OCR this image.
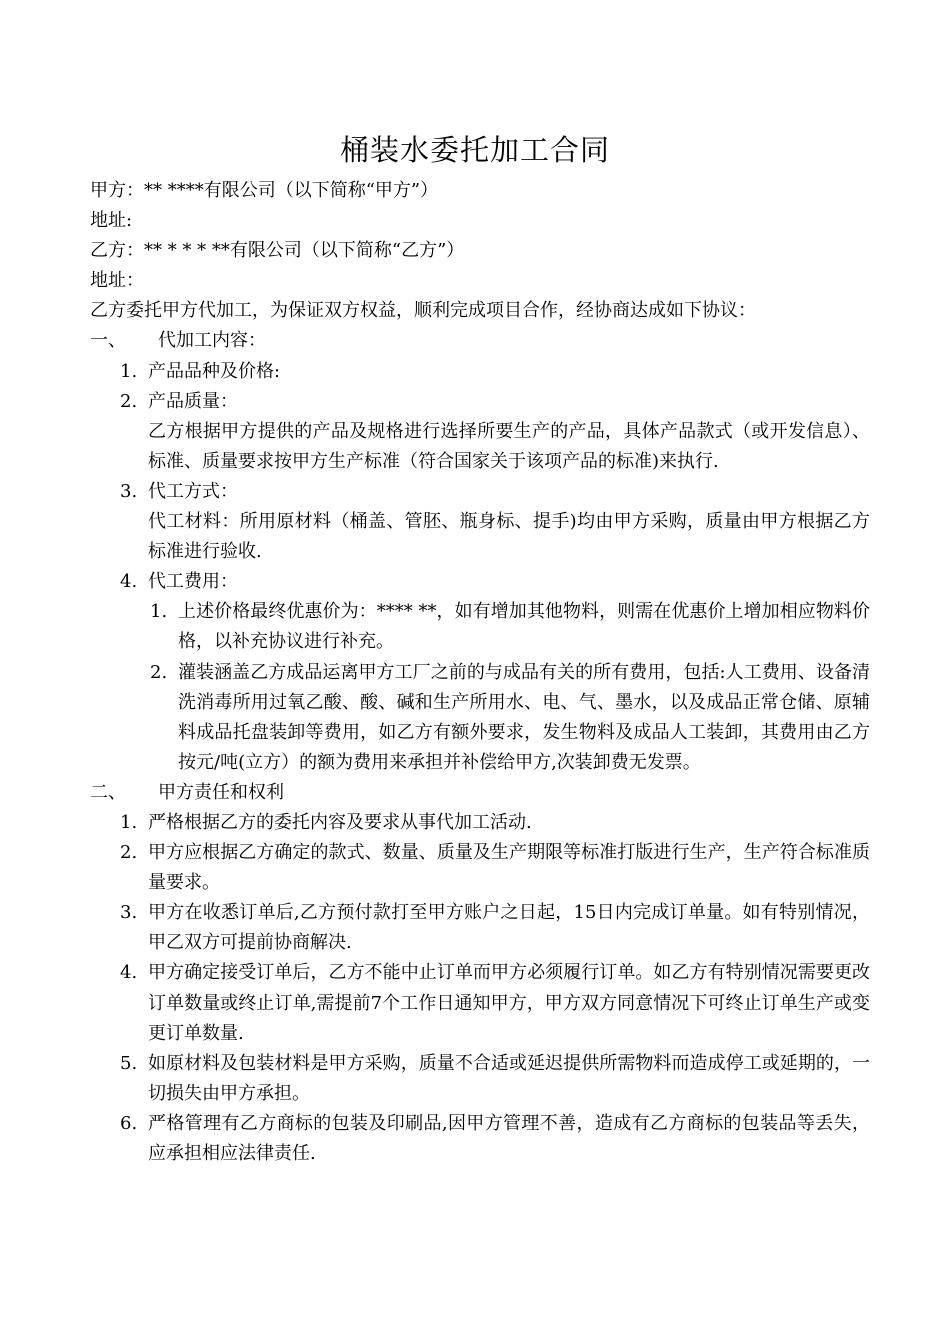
桶装水委托加工合同

甲方：** ****有限公司（以下简称“甲方”）

地址:

乙方：** * * * **有限公司（以下简称“乙方”）

地址：

乙方委托甲方代加工，为保证双方权益，顺利完成项目合作，经协商达成如下协议：

一、	代加工内容：
1. 产品品种及价格:
2. 产品质量：

乙方根据甲方提供的产品及规格进行选择所要生产的产品，具体产品款式（或开发信息）、标准、质量要求按甲方生产标准（符合国家关于该项产品的标准)来执行.

3. 代工方式：

代工材料：所用原材料（桶盖、管胚、瓶身标、提手)均由甲方采购，质量由甲方根据乙方标准进行验收.

4. 代工费用：
1. 上述价格最终优惠价为：**** **，如有增加其他物料，则需在优惠价上增加相应物料价格，以补充协议进行补充。
2. 灌装涵盖乙方成品运离甲方工厂之前的与成品有关的所有费用，包括:人工费用、设备清洗消毒所用过氧乙酸、酸、碱和生产所用水、电、气、墨水，以及成品正常仓储、原辅料成品托盘装卸等费用，如乙方有额外要求，发生物料及成品人工装卸，其费用由乙方按元/吨(立方）的额为费用来承担并补偿给甲方,次装卸费无发票。
二、	甲方责任和权利
1. 严格根据乙方的委托内容及要求从事代加工活动.
2. 甲方应根据乙方确定的款式、数量、质量及生产期限等标准打版进行生产，生产符合标准质量要求。
3. 甲方在收悉订单后,乙方预付款打至甲方账户之日起，15日内完成订单量。如有特别情况，甲乙双方可提前协商解决.
4. 甲方确定接受订单后，乙方不能中止订单而甲方必须履行订单。如乙方有特别情况需要更改订单数量或终止订单,需提前7个工作日通知甲方，甲方双方同意情况下可终止订单生产或变更订单数量.
5. 如原材料及包装材料是甲方采购，质量不合适或延迟提供所需物料而造成停工或延期的，一切损失由甲方承担。
6. 严格管理有乙方商标的包装及印刷品,因甲方管理不善，造成有乙方商标的包装品等丢失，应承担相应法律责任.
